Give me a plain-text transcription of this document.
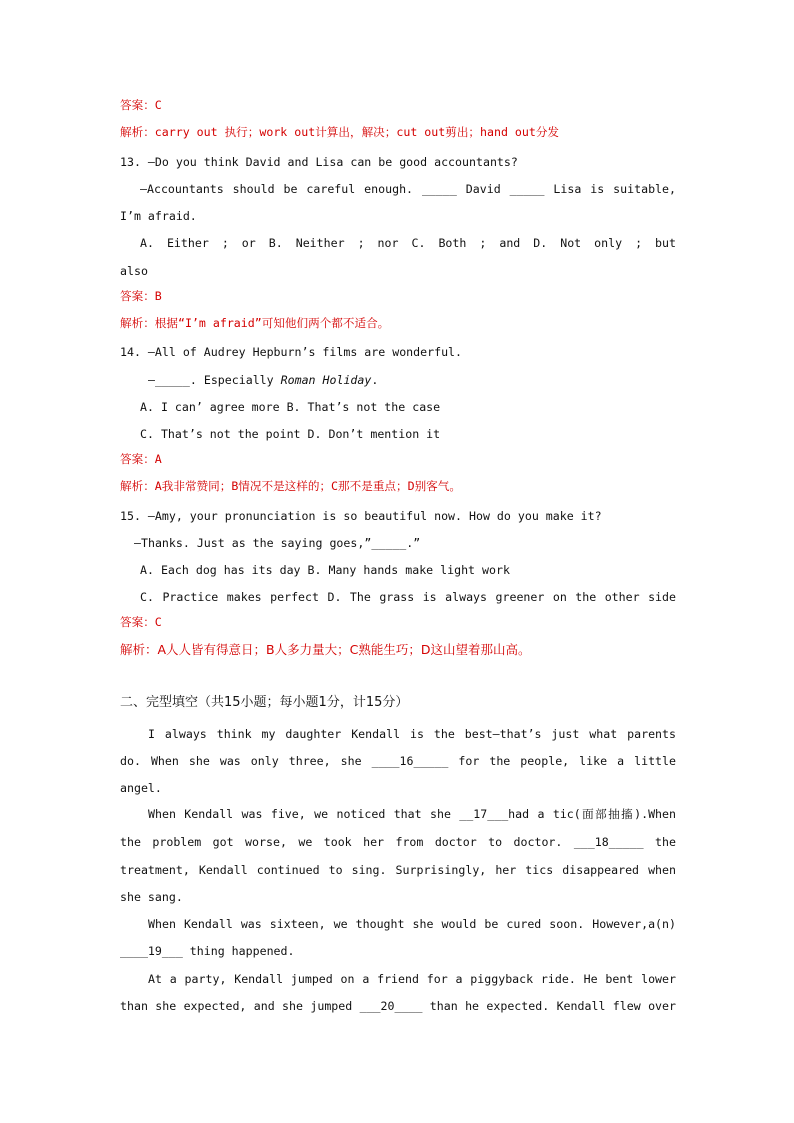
答案：C
解析：carry out 执行；work out计算出，解决；cut out剪出；hand out分发
13. —Do you think David and Lisa can be good accountants?
—Accountants should be careful enough. _____ David _____ Lisa is suitable,
I’m afraid.
A. Either ; or B. Neither ; nor C. Both ; and D. Not only ; but
also
答案：B
解析：根据“I’m afraid”可知他们两个都不适合。
14. —All of Audrey Hepburn’s films are wonderful.
—_____. Especially Roman Holiday.
A. I can’ agree more B. That’s not the case
C. That’s not the point D. Don’t mention it
答案：A
解析：A我非常赞同；B情况不是这样的；C那不是重点；D别客气。
15. —Amy, your pronunciation is so beautiful now. How do you make it?
—Thanks. Just as the saying goes,”_____.”
A. Each dog has its day B. Many hands make light work
C. Practice makes perfect D. The grass is always greener on the other side
答案：C
解析：A人人皆有得意日；B人多力量大；C熟能生巧；D这山望着那山高。
二、完型填空（共15小题；每小题1分，计15分）
I always think my daughter Kendall is the best—that’s just what parents
do. When she was only three, she ____16_____ for the people, like a little
angel.
When Kendall was five, we noticed that she __17___had a tic(面部抽搐).When
the problem got worse, we took her from doctor to doctor. ___18_____ the
treatment, Kendall continued to sing. Surprisingly, her tics disappeared when
she sang.
When Kendall was sixteen, we thought she would be cured soon. However,a(n)
____19___ thing happened.
At a party, Kendall jumped on a friend for a piggyback ride. He bent lower
than she expected, and she jumped ___20____ than he expected. Kendall flew over
